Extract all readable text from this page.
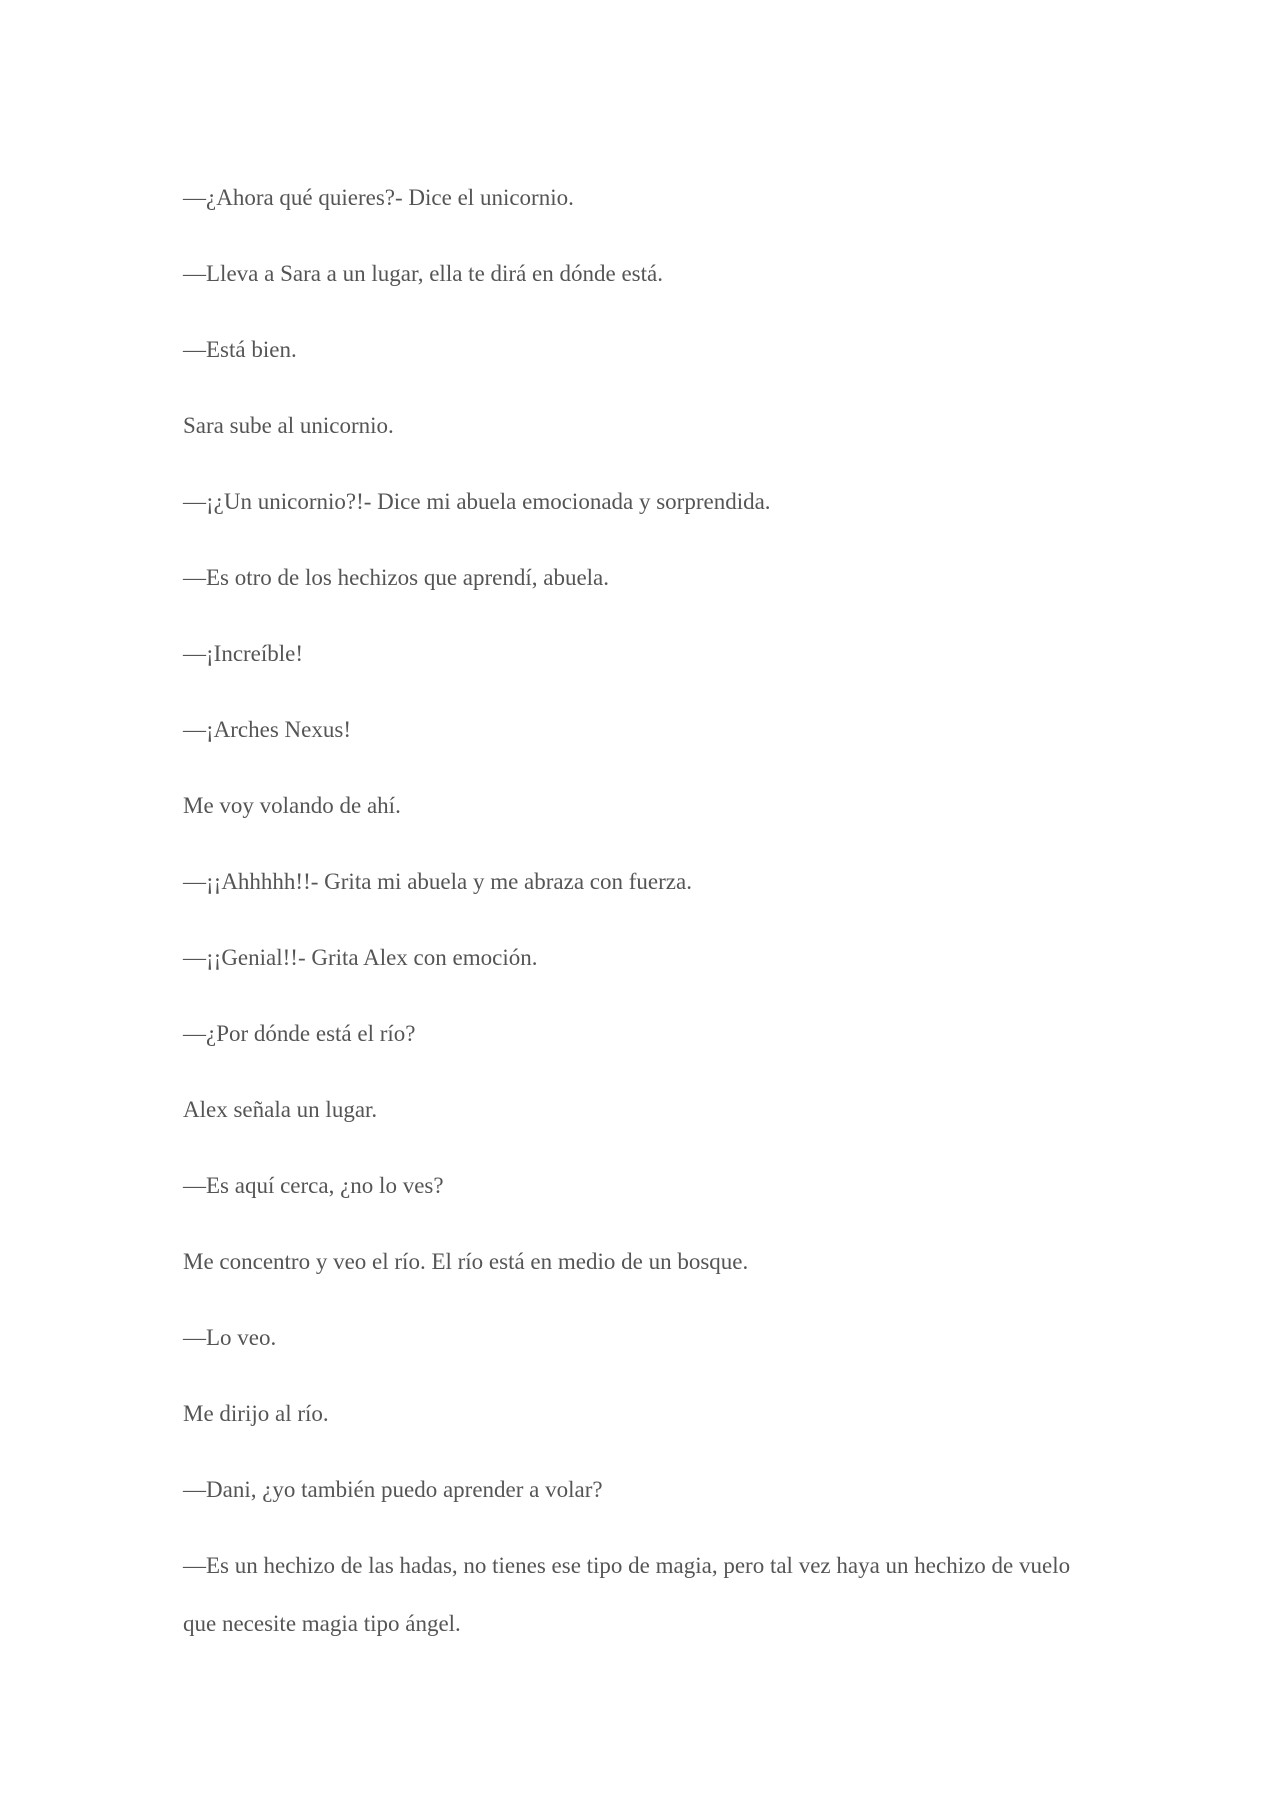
—¿Ahora qué quieres?- Dice el unicornio.

—Lleva a Sara a un lugar, ella te dirá en dónde está.

—Está bien.

Sara sube al unicornio.

—¡¿Un unicornio?!- Dice mi abuela emocionada y sorprendida.

—Es otro de los hechizos que aprendí, abuela.

—¡Increíble!

—¡Arches Nexus!

Me voy volando de ahí.

—¡¡Ahhhhh!!- Grita mi abuela y me abraza con fuerza.

—¡¡Genial!!- Grita Alex con emoción.

—¿Por dónde está el río?

Alex señala un lugar.

—Es aquí cerca, ¿no lo ves?

Me concentro y veo el río. El río está en medio de un bosque.

—Lo veo.

Me dirijo al río.

—Dani, ¿yo también puedo aprender a volar?

—Es un hechizo de las hadas, no tienes ese tipo de magia, pero tal vez haya un hechizo de vuelo que necesite magia tipo ángel.
